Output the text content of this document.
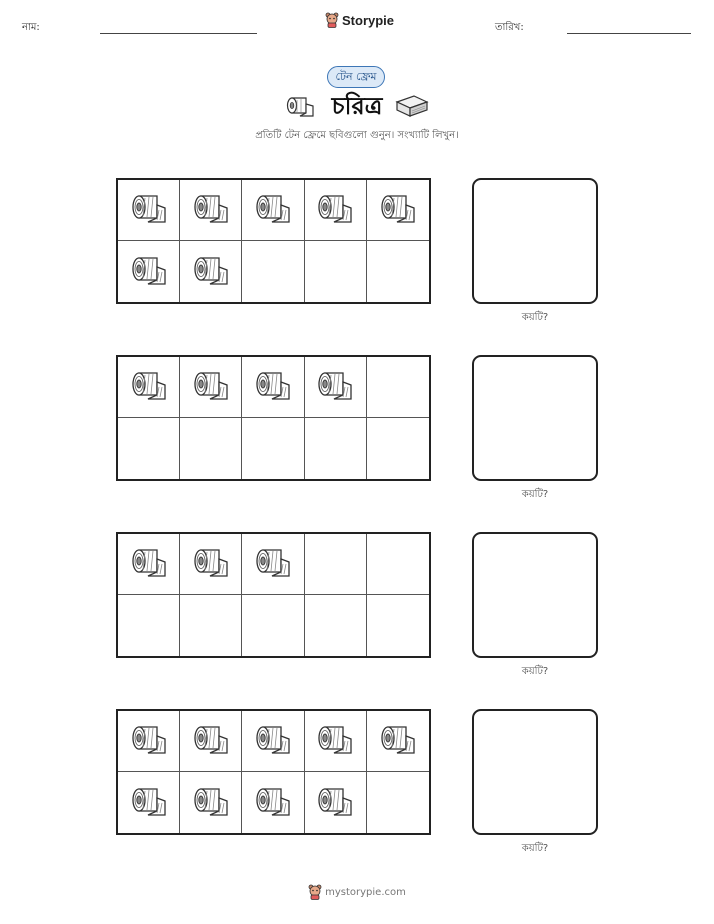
নাম:	Storypie	তারিখ:
টেন ফ্রেম
চরিত্র
প্রতিটি টেন ফ্রেমে ছবিগুলো গুনুন। সংখ্যাটি লিখুন।
কয়টি?
কয়টি?
কয়টি?
কয়টি?
mystorypie.com
